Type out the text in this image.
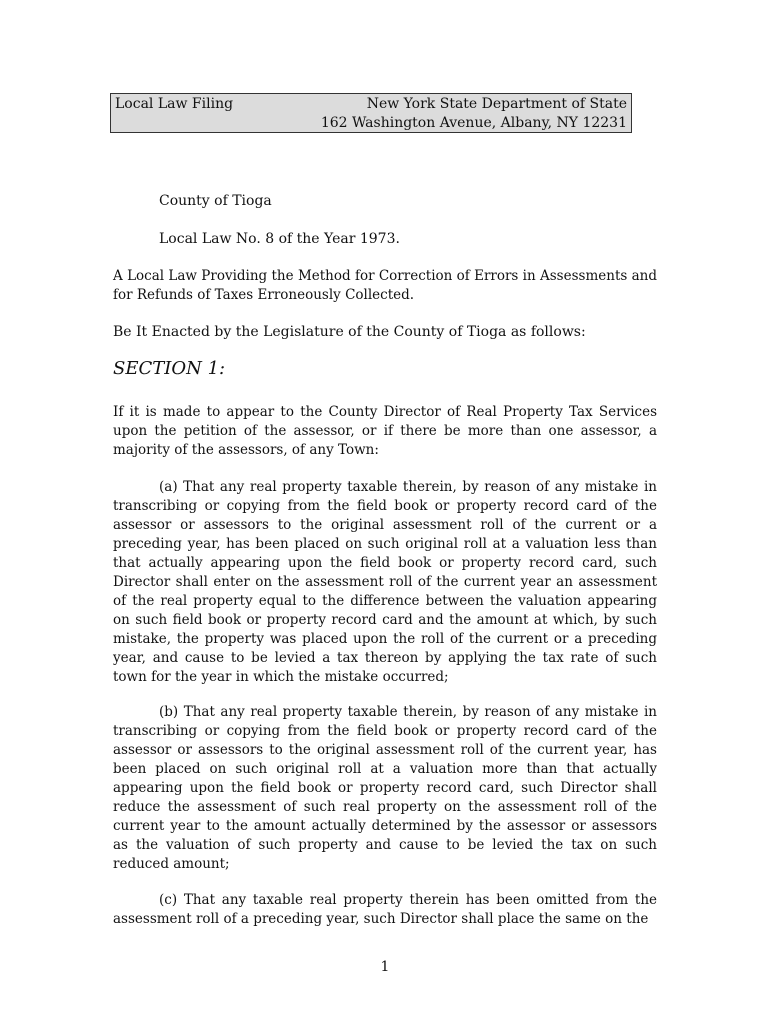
Local Law Filing	New York State Department of State
162 Washington Avenue, Albany, NY 12231
County of Tioga
Local Law No. 8 of the Year 1973.
A Local Law Providing the Method for Correction of Errors in Assessments and for Refunds of Taxes Erroneously Collected.
Be It Enacted by the Legislature of the County of Tioga as follows:
SECTION 1:
If it is made to appear to the County Director of Real Property Tax Services upon the petition of the assessor, or if there be more than one assessor, a majority of the assessors, of any Town:
(a) That any real property taxable therein, by reason of any mistake in transcribing or copying from the field book or property record card of the assessor or assessors to the original assessment roll of the current or a preceding year, has been placed on such original roll at a valuation less than that actually appearing upon the field book or property record card, such Director shall enter on the assessment roll of the current year an assessment of the real property equal to the difference between the valuation appearing on such field book or property record card and the amount at which, by such mistake, the property was placed upon the roll of the current or a preceding year, and cause to be levied a tax thereon by applying the tax rate of such town for the year in which the mistake occurred;
(b) That any real property taxable therein, by reason of any mistake in transcribing or copying from the field book or property record card of the assessor or assessors to the original assessment roll of the current year, has been placed on such original roll at a valuation more than that actually appearing upon the field book or property record card, such Director shall reduce the assessment of such real property on the assessment roll of the current year to the amount actually determined by the assessor or assessors as the valuation of such property and cause to be levied the tax on such reduced amount;
(c) That any taxable real property therein has been omitted from the assessment roll of a preceding year, such Director shall place the same on the
1
